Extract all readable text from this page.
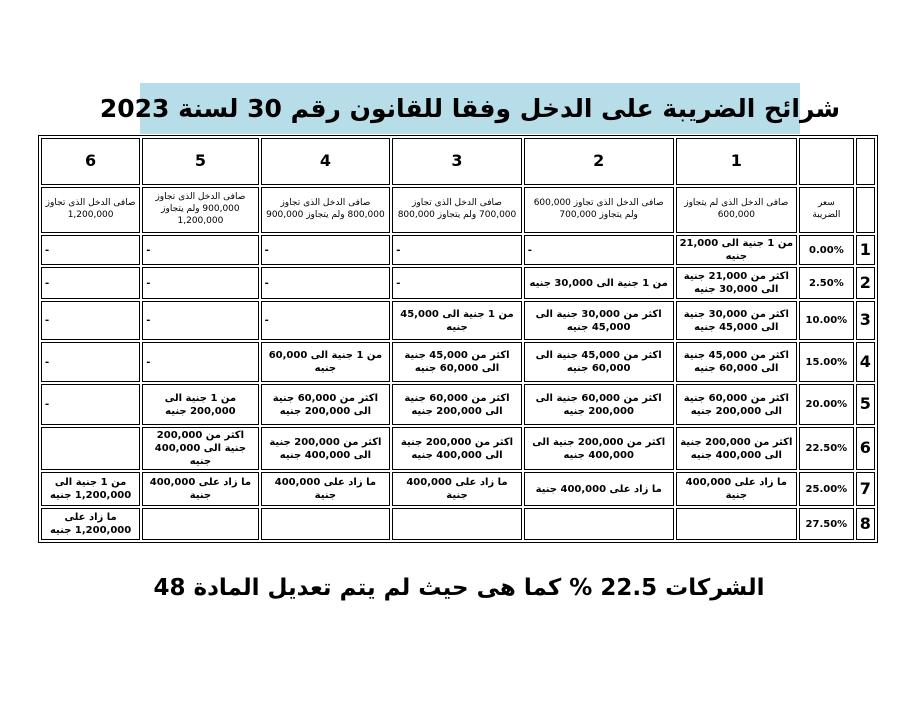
شرائح الضريبة على الدخل وفقا للقانون رقم 30 لسنة 2023
6	5	4	3	2	1		
صافى الدخل الذى تجاوز 1,200,000	صافى الدخل الذى تجاوز 900,000 ولم يتجاوز 1,200,000	صافى الدخل الذى تجاوز 800,000 ولم يتجاوز 900,000	صافى الدخل الذى تجاوز 700,000 ولم يتجاوز 800,000	صافى الدخل الذى تجاوز 600,000 ولم يتجاوز 700,000	صافى الدخل الذى لم يتجاوز 600,000	سعر الضريبة	
-	-	-	-	-	من 1 جنية الى 21,000 جنيه	0.00%	1
-	-	-	-	من 1 جنية الى 30,000 جنيه	اكثر من 21,000 جنية الى 30,000 جنيه	2.50%	2
-	-	-	من 1 جنية الى 45,000 جنيه	اكثر من 30,000 جنية الى 45,000 جنيه	اكثر من 30,000 جنية الى 45,000 جنيه	10.00%	3
-	-	من 1 جنية الى 60,000 جنيه	اكثر من 45,000 جنية الى 60,000 جنيه	اكثر من 45,000 جنية الى 60,000 جنيه	اكثر من 45,000 جنية الى 60,000 جنيه	15.00%	4
-	من 1 جنية الى 200,000 جنيه	اكثر من 60,000 جنية الى 200,000 جنيه	اكثر من 60,000 جنية الى 200,000 جنيه	اكثر من 60,000 جنية الى 200,000 جنيه	اكثر من 60,000 جنية الى 200,000 جنيه	20.00%	5
	اكثر من 200,000 جنية الى 400,000 جنيه	اكثر من 200,000 جنية الى 400,000 جنيه	اكثر من 200,000 جنية الى 400,000 جنيه	اكثر من 200,000 جنية الى 400,000 جنيه	اكثر من 200,000 جنية الى 400,000 جنيه	22.50%	6
من 1 جنية الى 1,200,000 جنيه	ما زاد على 400,000 جنية	ما زاد على 400,000 جنية	ما زاد على 400,000 جنية	ما زاد على 400,000 جنية	ما زاد على 400,000 جنية	25.00%	7
ما زاد على 1,200,000 جنيه						27.50%	8
الشركات 22.5 % كما هى حيث لم يتم تعديل المادة 48
